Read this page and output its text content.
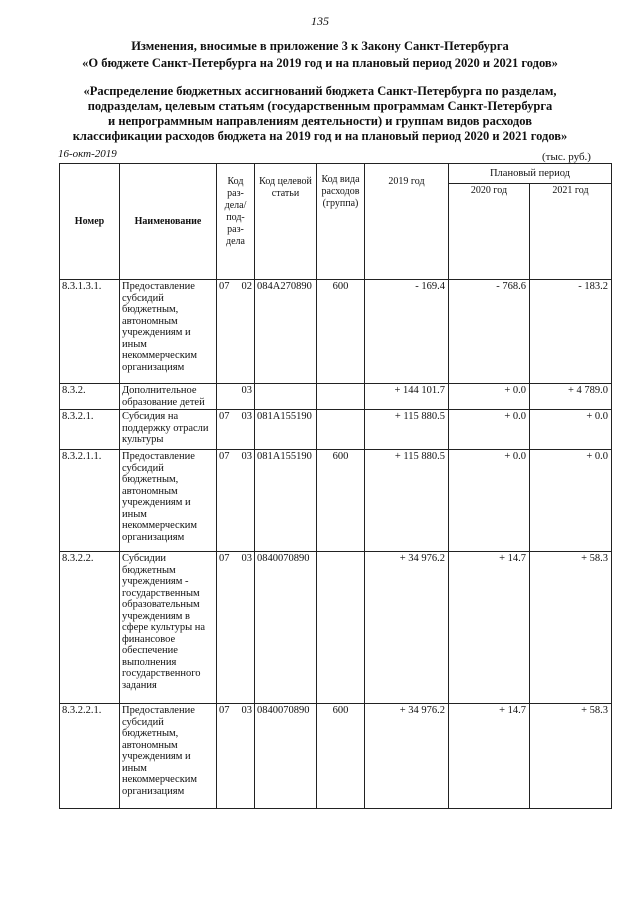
135
Изменения, вносимые в приложение 3 к Закону Санкт-Петербурга
«О бюджете Санкт-Петербурга на 2019 год и на плановый период 2020 и 2021 годов»
«Распределение бюджетных ассигнований бюджета Санкт-Петербурга по разделам,
подразделам, целевым статьям (государственным программам Санкт-Петербурга
и непрограммным направлениям деятельности) и группам видов расходов
классификации расходов бюджета на 2019 год и на плановый период 2020 и 2021 годов»
16-окт-2019	(тыс. руб.)
Номер	Наименование	Код раз-дела/ под-раз-дела	Код целевой статьи	Код вида расходов (группа)	2019 год	Плановый период	
						2020 год	2021 год
8.3.1.3.1.	Предоставление субсидий бюджетным, автономным учреждениям и иным некоммерческим организациям	07 02	084A270890	600	- 169.4	- 768.6	- 183.2
8.3.2.	Дополнительное образование детей	03			+ 144 101.7	+ 0.0	+ 4 789.0
8.3.2.1.	Субсидия на поддержку отрасли культуры	07 03	081A155190		+ 115 880.5	+ 0.0	+ 0.0
8.3.2.1.1.	Предоставление субсидий бюджетным, автономным учреждениям и иным некоммерческим организациям	07 03	081A155190	600	+ 115 880.5	+ 0.0	+ 0.0
8.3.2.2.	Субсидии бюджетным учреждениям - государственным образовательным учреждениям в сфере культуры на финансовое обеспечение выполнения государственного задания	07 03	0840070890		+ 34 976.2	+ 14.7	+ 58.3
8.3.2.2.1.	Предоставление субсидий бюджетным, автономным учреждениям и иным некоммерческим организациям	07 03	0840070890	600	+ 34 976.2	+ 14.7	+ 58.3
